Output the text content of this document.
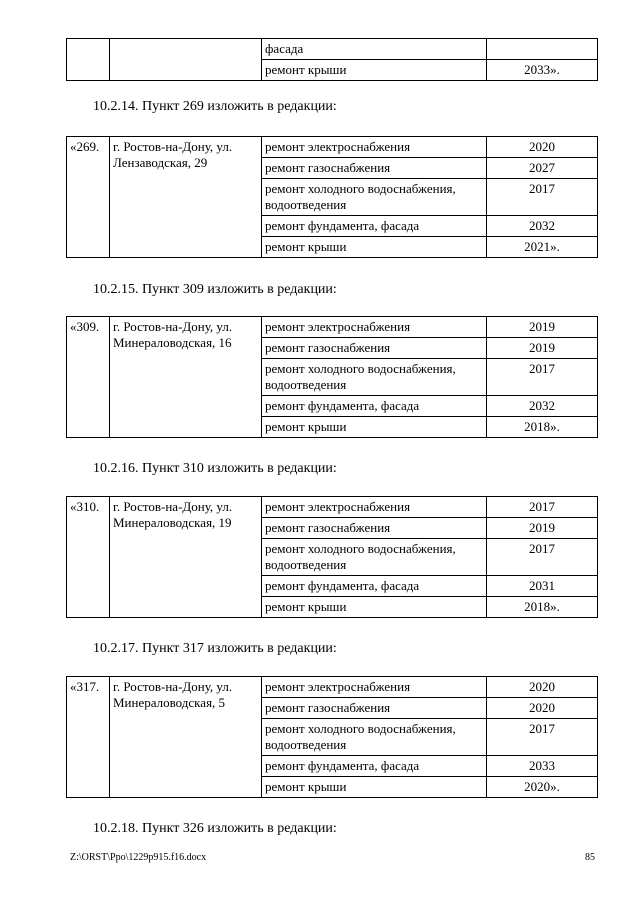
		фасада	
		ремонт крыши	2033».
10.2.14. Пункт 269 изложить в редакции:
«269.	г. Ростов-на-Дону, ул. Лензаводская, 29	ремонт электроснабжения	2020
		ремонт газоснабжения	2027
		ремонт холодного водоснабжения, водоотведения	2017
		ремонт фундамента, фасада	2032
		ремонт крыши	2021».
10.2.15. Пункт 309 изложить в редакции:
«309.	г. Ростов-на-Дону, ул. Минераловодская, 16	ремонт электроснабжения	2019
		ремонт газоснабжения	2019
		ремонт холодного водоснабжения, водоотведения	2017
		ремонт фундамента, фасада	2032
		ремонт крыши	2018».
10.2.16. Пункт 310 изложить в редакции:
«310.	г. Ростов-на-Дону, ул. Минераловодская, 19	ремонт электроснабжения	2017
		ремонт газоснабжения	2019
		ремонт холодного водоснабжения, водоотведения	2017
		ремонт фундамента, фасада	2031
		ремонт крыши	2018».
10.2.17. Пункт 317 изложить в редакции:
«317.	г. Ростов-на-Дону, ул. Минераловодская, 5	ремонт электроснабжения	2020
		ремонт газоснабжения	2020
		ремонт холодного водоснабжения, водоотведения	2017
		ремонт фундамента, фасада	2033
		ремонт крыши	2020».
10.2.18. Пункт 326 изложить в редакции:
Z:\ORST\Ppo\1229p915.f16.docx	85
